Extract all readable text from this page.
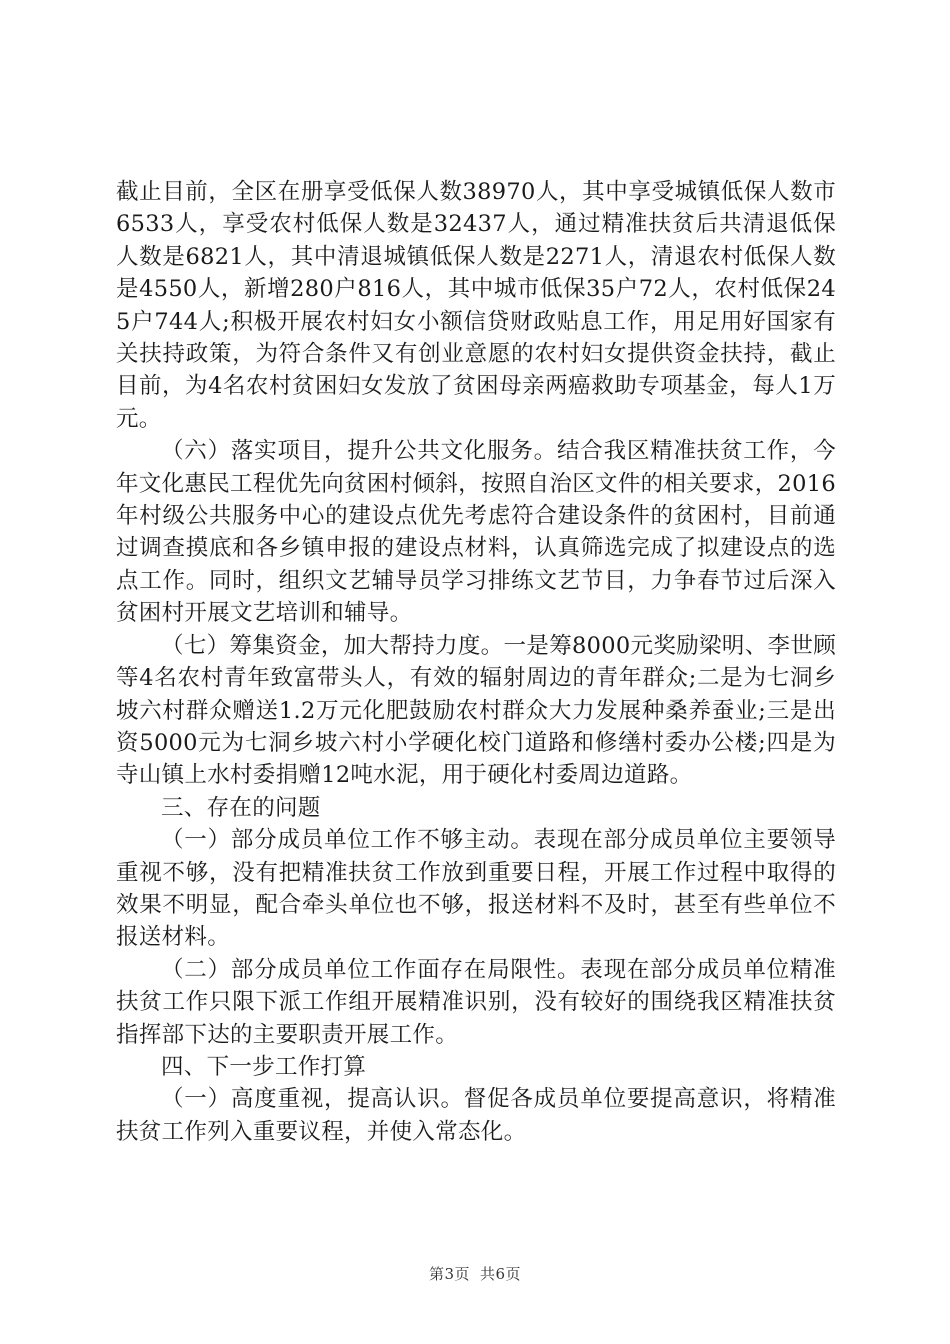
截止目前，全区在册享受低保人数38970人，其中享受城镇低保人数市6533人，享受农村低保人数是32437人，通过精准扶贫后共清退低保人数是6821人，其中清退城镇低保人数是2271人，清退农村低保人数是4550人，新增280户816人，其中城市低保35户72人，农村低保245户744人;积极开展农村妇女小额信贷财政贴息工作，用足用好国家有关扶持政策，为符合条件又有创业意愿的农村妇女提供资金扶持，截止目前，为4名农村贫困妇女发放了贫困母亲两癌救助专项基金，每人1万元。

（六）落实项目，提升公共文化服务。结合我区精准扶贫工作，今年文化惠民工程优先向贫困村倾斜，按照自治区文件的相关要求，2016年村级公共服务中心的建设点优先考虑符合建设条件的贫困村，目前通过调查摸底和各乡镇申报的建设点材料，认真筛选完成了拟建设点的选点工作。同时，组织文艺辅导员学习排练文艺节目，力争春节过后深入贫困村开展文艺培训和辅导。

（七）筹集资金，加大帮持力度。一是筹8000元奖励梁明、李世顾等4名农村青年致富带头人，有效的辐射周边的青年群众;二是为七洞乡坡六村群众赠送1.2万元化肥鼓励农村群众大力发展种桑养蚕业;三是出资5000元为七洞乡坡六村小学硬化校门道路和修缮村委办公楼;四是为寺山镇上水村委捐赠12吨水泥，用于硬化村委周边道路。

三、存在的问题

（一）部分成员单位工作不够主动。表现在部分成员单位主要领导重视不够，没有把精准扶贫工作放到重要日程，开展工作过程中取得的效果不明显，配合牵头单位也不够，报送材料不及时，甚至有些单位不报送材料。

（二）部分成员单位工作面存在局限性。表现在部分成员单位精准扶贫工作只限下派工作组开展精准识别，没有较好的围绕我区精准扶贫指挥部下达的主要职责开展工作。

四、下一步工作打算

（一）高度重视，提高认识。督促各成员单位要提高意识，将精准扶贫工作列入重要议程，并使入常态化。

第3页 共6页
